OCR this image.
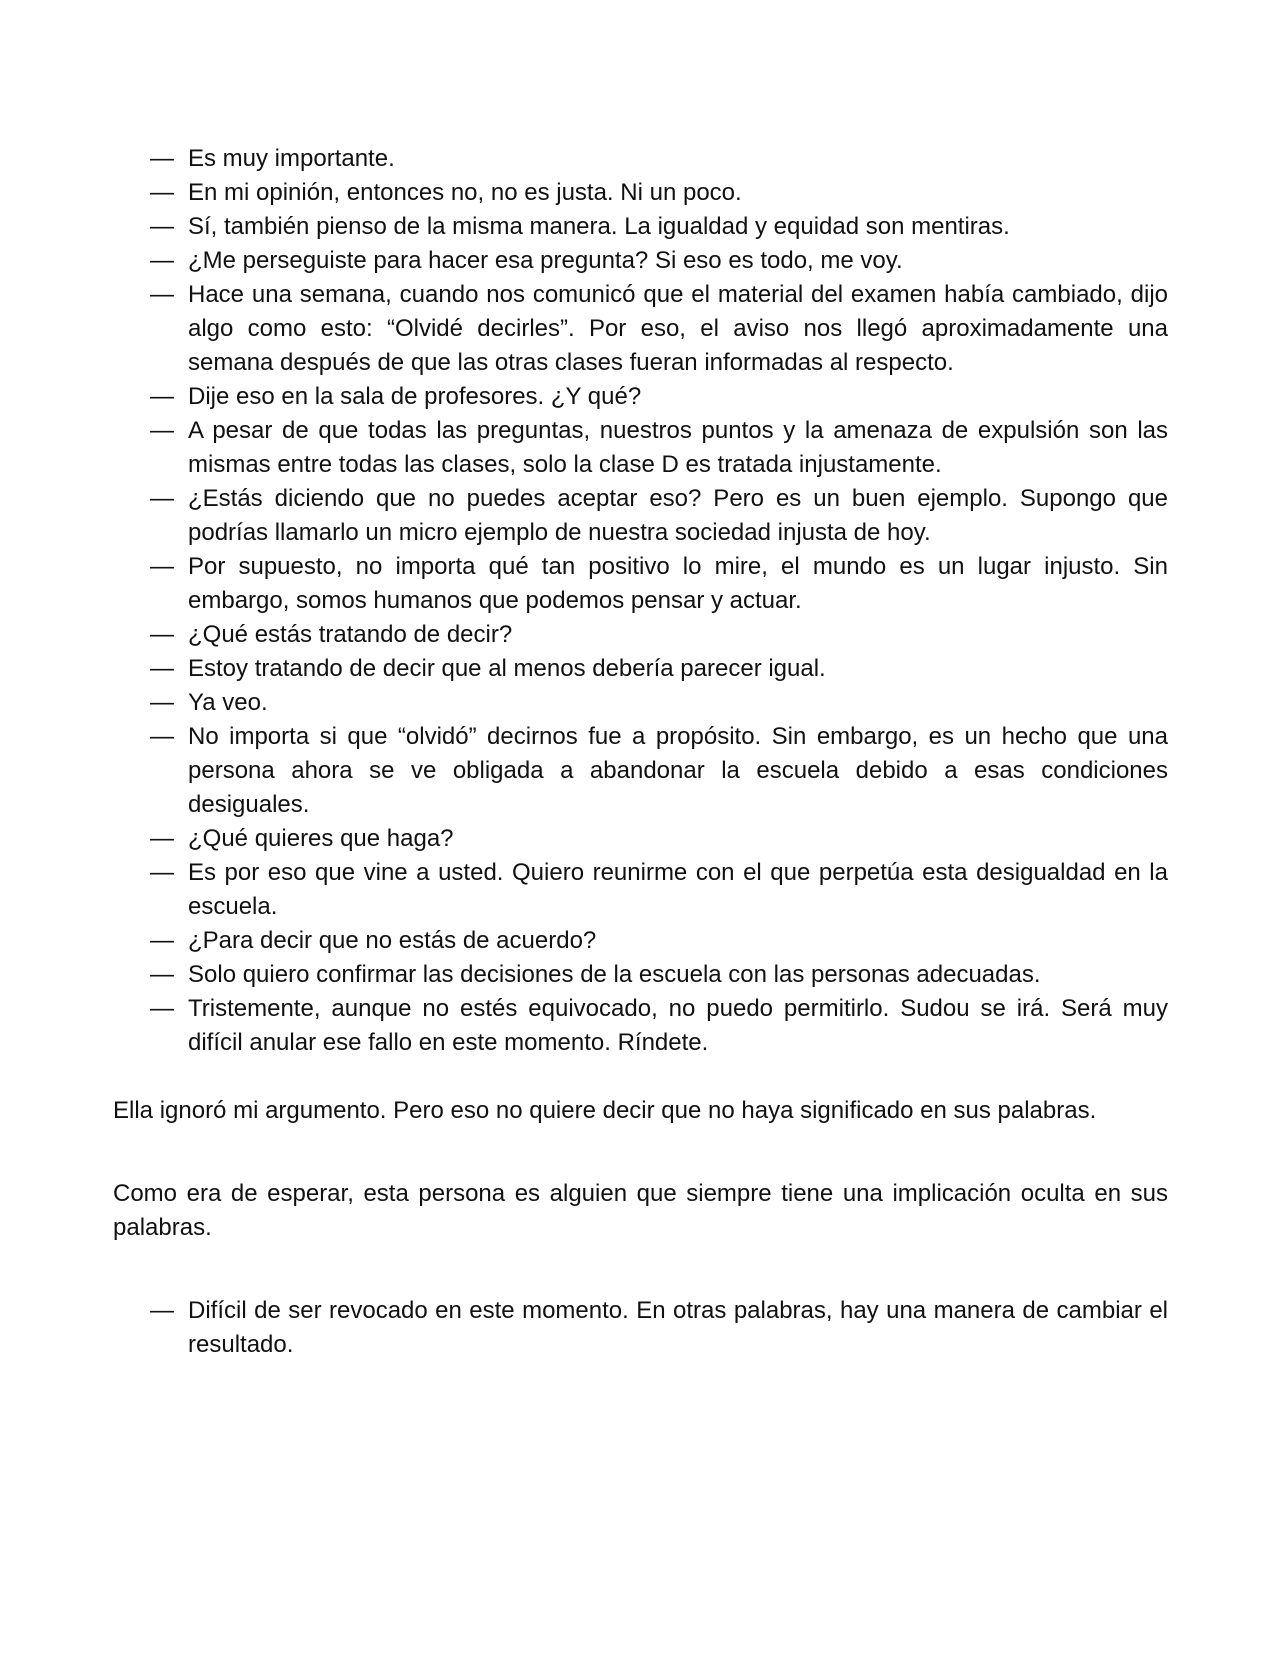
— Es muy importante.
— En mi opinión, entonces no, no es justa. Ni un poco.
— Sí, también pienso de la misma manera. La igualdad y equidad son mentiras.
— ¿Me perseguiste para hacer esa pregunta? Si eso es todo, me voy.
— Hace una semana, cuando nos comunicó que el material del examen había cambiado, dijo algo como esto: “Olvidé decirles”. Por eso, el aviso nos llegó aproximadamente una semana después de que las otras clases fueran informadas al respecto.
— Dije eso en la sala de profesores. ¿Y qué?
— A pesar de que todas las preguntas, nuestros puntos y la amenaza de expulsión son las mismas entre todas las clases, solo la clase D es tratada injustamente.
— ¿Estás diciendo que no puedes aceptar eso? Pero es un buen ejemplo. Supongo que podrías llamarlo un micro ejemplo de nuestra sociedad injusta de hoy.
— Por supuesto, no importa qué tan positivo lo mire, el mundo es un lugar injusto. Sin embargo, somos humanos que podemos pensar y actuar.
— ¿Qué estás tratando de decir?
— Estoy tratando de decir que al menos debería parecer igual.
— Ya veo.
— No importa si que “olvidó” decirnos fue a propósito. Sin embargo, es un hecho que una persona ahora se ve obligada a abandonar la escuela debido a esas condiciones desiguales.
— ¿Qué quieres que haga?
— Es por eso que vine a usted. Quiero reunirme con el que perpetúa esta desigualdad en la escuela.
— ¿Para decir que no estás de acuerdo?
— Solo quiero confirmar las decisiones de la escuela con las personas adecuadas.
— Tristemente, aunque no estés equivocado, no puedo permitirlo. Sudou se irá. Será muy difícil anular ese fallo en este momento. Ríndete.

Ella ignoró mi argumento. Pero eso no quiere decir que no haya significado en sus palabras.

Como era de esperar, esta persona es alguien que siempre tiene una implicación oculta en sus palabras.

— Difícil de ser revocado en este momento. En otras palabras, hay una manera de cambiar el resultado.
